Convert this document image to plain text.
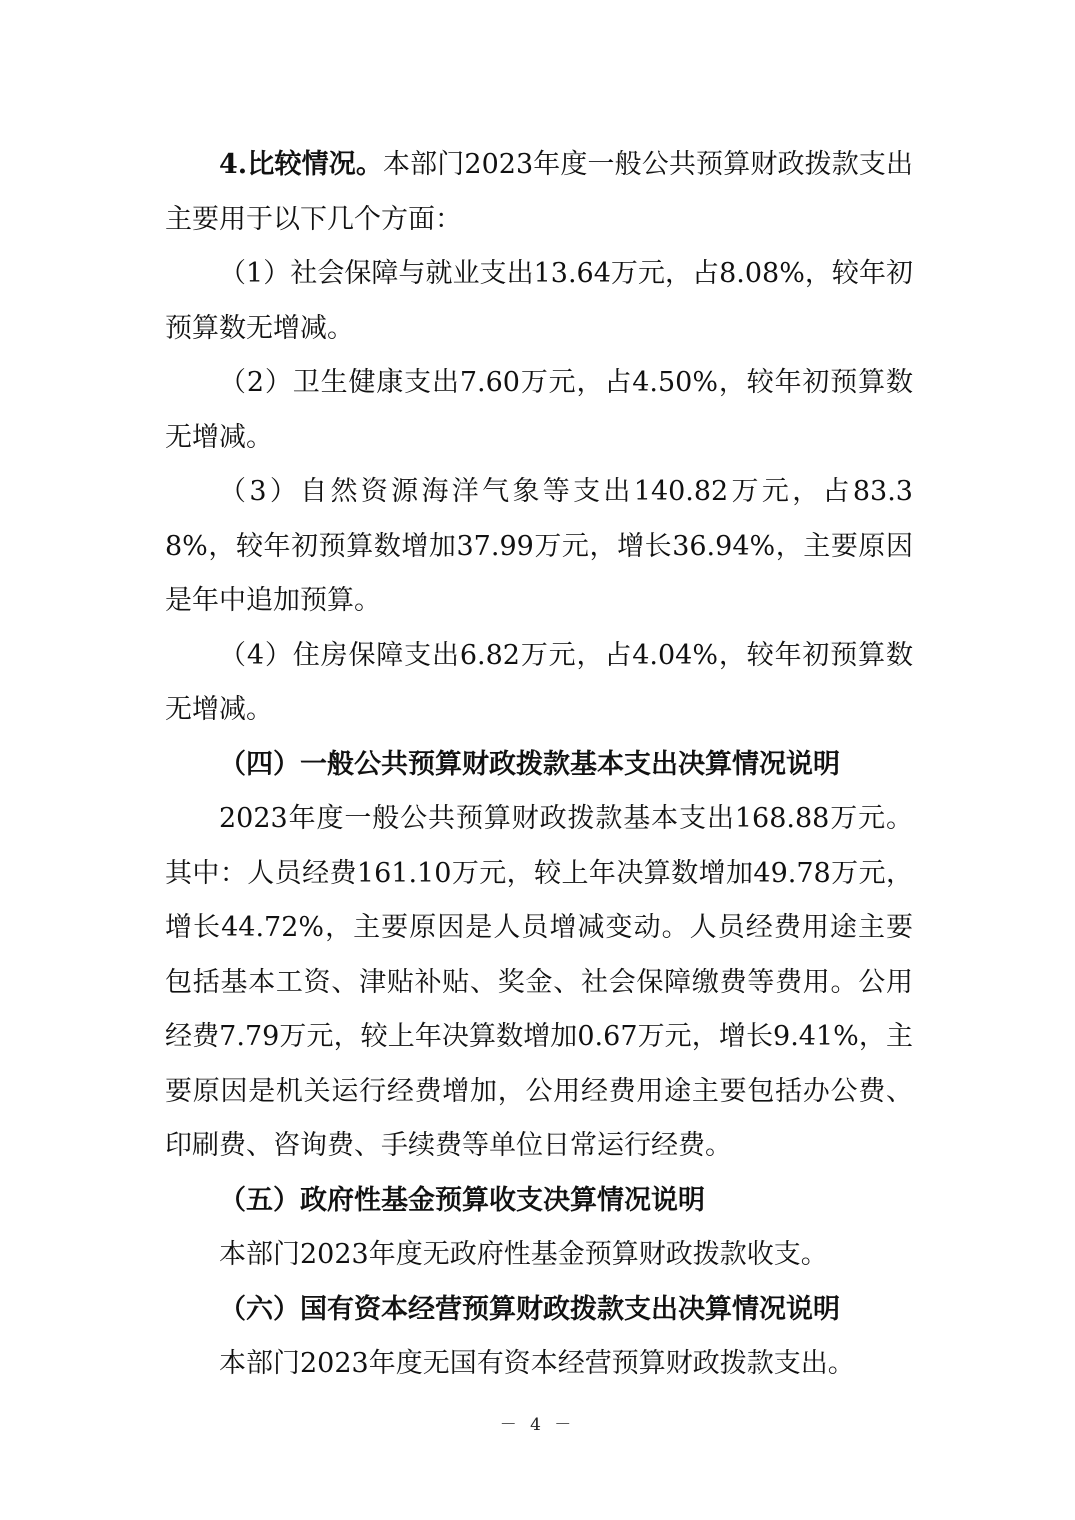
4.比较情况。本部门2023年度一般公共预算财政拨款支出主要用于以下几个方面：

（1）社会保障与就业支出13.64万元，占8.08%，较年初预算数无增减。

（2）卫生健康支出7.60万元，占4.50%，较年初预算数无增减。

（3）自然资源海洋气象等支出140.82万元，占83.38%，较年初预算数增加37.99万元，增长36.94%，主要原因是年中追加预算。

（4）住房保障支出6.82万元，占4.04%，较年初预算数无增减。

（四）一般公共预算财政拨款基本支出决算情况说明

2023年度一般公共预算财政拨款基本支出168.88万元。其中：人员经费161.10万元，较上年决算数增加49.78万元，增长44.72%，主要原因是人员增减变动。人员经费用途主要包括基本工资、津贴补贴、奖金、社会保障缴费等费用。公用经费7.79万元，较上年决算数增加0.67万元，增长9.41%，主要原因是机关运行经费增加，公用经费用途主要包括办公费、印刷费、咨询费、手续费等单位日常运行经费。

（五）政府性基金预算收支决算情况说明

本部门2023年度无政府性基金预算财政拨款收支。

（六）国有资本经营预算财政拨款支出决算情况说明

本部门2023年度无国有资本经营预算财政拨款支出。

－ 4 －
